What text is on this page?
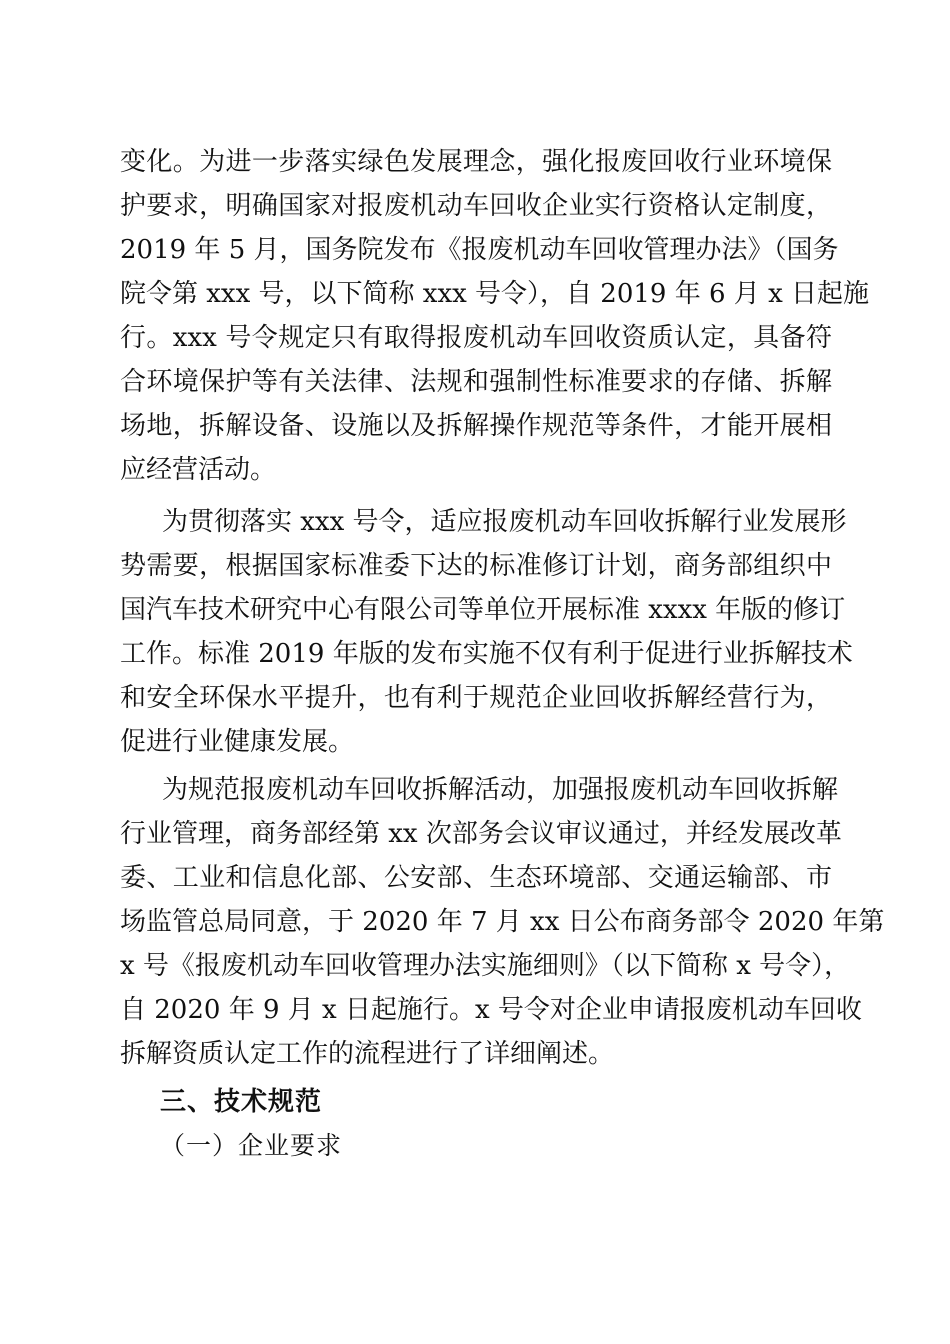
变化。为进一步落实绿色发展理念，强化报废回收行业环境保
护要求，明确国家对报废机动车回收企业实行资格认定制度，
2019 年 5 月，国务院发布《报废机动车回收管理办法》（国务
院令第 xxx 号，以下简称 xxx 号令），自 2019 年 6 月 x 日起施
行。xxx 号令规定只有取得报废机动车回收资质认定，具备符
合环境保护等有关法律、法规和强制性标准要求的存储、拆解
场地，拆解设备、设施以及拆解操作规范等条件，才能开展相
应经营活动。
为贯彻落实 xxx 号令，适应报废机动车回收拆解行业发展形
势需要，根据国家标准委下达的标准修订计划，商务部组织中
国汽车技术研究中心有限公司等单位开展标准 xxxx 年版的修订
工作。标准 2019 年版的发布实施不仅有利于促进行业拆解技术
和安全环保水平提升，也有利于规范企业回收拆解经营行为，
促进行业健康发展。
为规范报废机动车回收拆解活动，加强报废机动车回收拆解
行业管理，商务部经第 xx 次部务会议审议通过，并经发展改革
委、工业和信息化部、公安部、生态环境部、交通运输部、市
场监管总局同意，于 2020 年 7 月 xx 日公布商务部令 2020 年第
x 号《报废机动车回收管理办法实施细则》（以下简称 x 号令），
自 2020 年 9 月 x 日起施行。x 号令对企业申请报废机动车回收
拆解资质认定工作的流程进行了详细阐述。
三、技术规范
（一）企业要求
